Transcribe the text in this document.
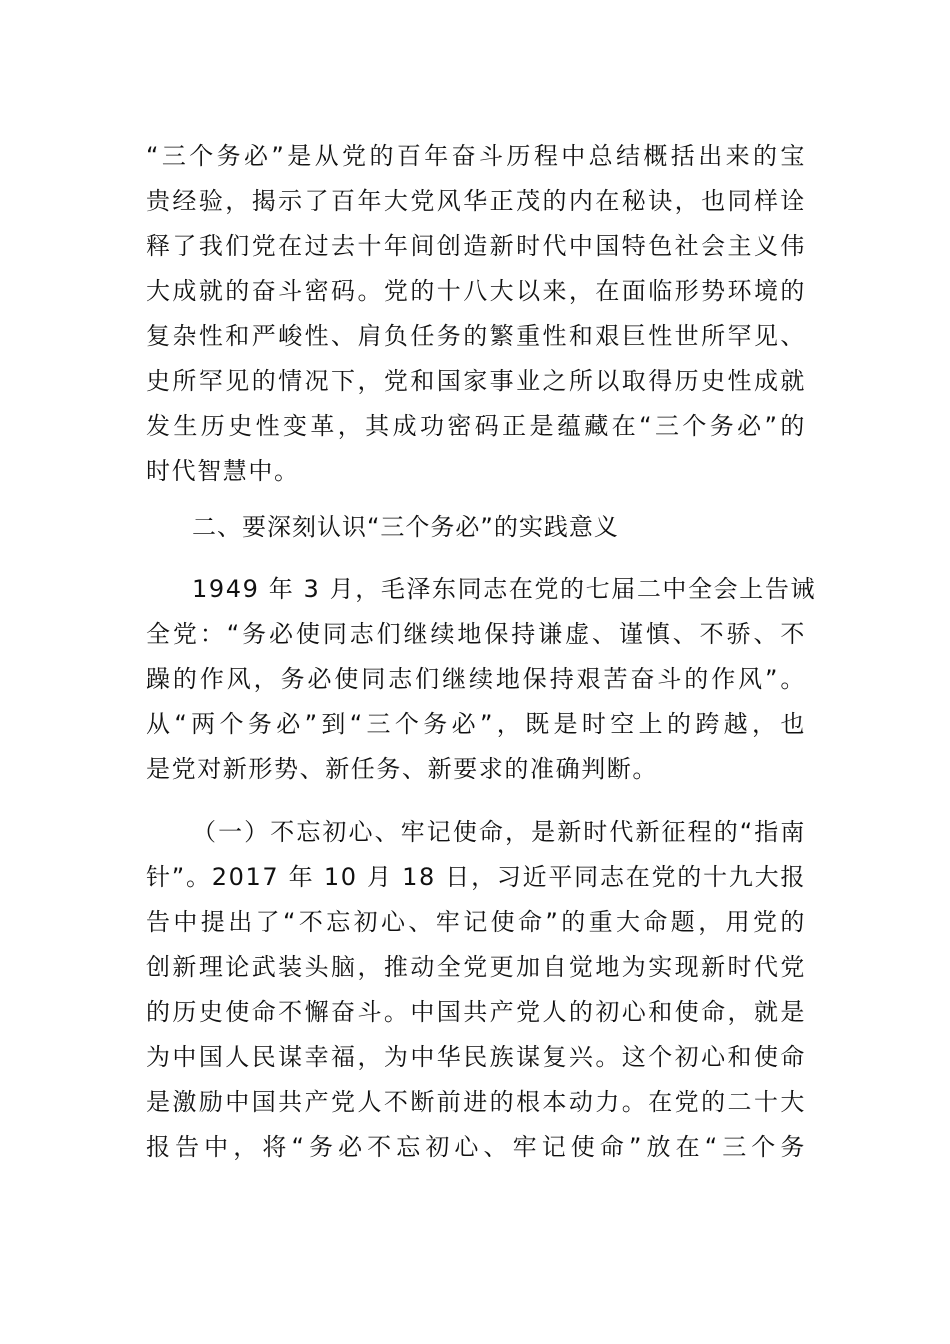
“三个务必”是从党的百年奋斗历程中总结概括出来的宝
贵经验，揭示了百年大党风华正茂的内在秘诀，也同样诠
释了我们党在过去十年间创造新时代中国特色社会主义伟
大成就的奋斗密码。党的十八大以来，在面临形势环境的
复杂性和严峻性、肩负任务的繁重性和艰巨性世所罕见、
史所罕见的情况下，党和国家事业之所以取得历史性成就
发生历史性变革，其成功密码正是蕴藏在“三个务必”的
时代智慧中。
二、要深刻认识“三个务必”的实践意义
1949 年 3 月，毛泽东同志在党的七届二中全会上告诫
全党：“务必使同志们继续地保持谦虚、谨慎、不骄、不
躁的作风，务必使同志们继续地保持艰苦奋斗的作风”。
从“两个务必”到“三个务必”，既是时空上的跨越，也
是党对新形势、新任务、新要求的准确判断。
（一）不忘初心、牢记使命，是新时代新征程的“指南
针”。2017 年 10 月 18 日，习近平同志在党的十九大报
告中提出了“不忘初心、牢记使命”的重大命题，用党的
创新理论武装头脑，推动全党更加自觉地为实现新时代党
的历史使命不懈奋斗。中国共产党人的初心和使命，就是
为中国人民谋幸福，为中华民族谋复兴。这个初心和使命
是激励中国共产党人不断前进的根本动力。在党的二十大
报告中，将“务必不忘初心、牢记使命”放在“三个务
